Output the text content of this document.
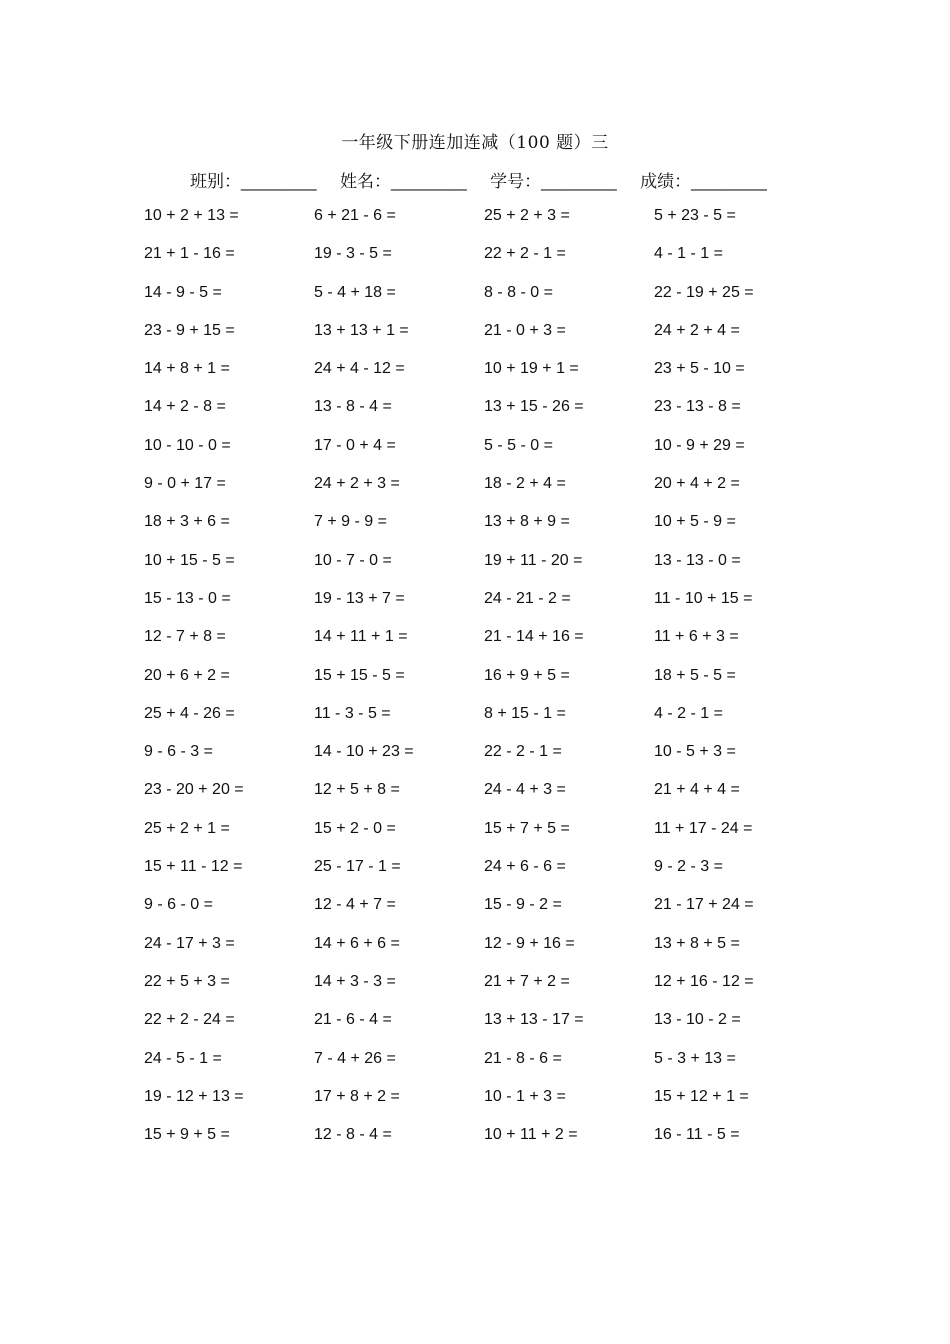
一年级下册连加连减（100 题）三
班别：________ 姓名：________ 学号：________ 成绩：________
10 + 2 + 13 =	6 + 21 - 6 =	25 + 2 + 3 =	5 + 23 - 5 =
21 + 1 - 16 =	19 - 3 - 5 =	22 + 2 - 1 =	4 - 1 - 1 =
14 - 9 - 5 =	5 - 4 + 18 =	8 - 8 - 0 =	22 - 19 + 25 =
23 - 9 + 15 =	13 + 13 + 1 =	21 - 0 + 3 =	24 + 2 + 4 =
14 + 8 + 1 =	24 + 4 - 12 =	10 + 19 + 1 =	23 + 5 - 10 =
14 + 2 - 8 =	13 - 8 - 4 =	13 + 15 - 26 =	23 - 13 - 8 =
10 - 10 - 0 =	17 - 0 + 4 =	5 - 5 - 0 =	10 - 9 + 29 =
9 - 0 + 17 =	24 + 2 + 3 =	18 - 2 + 4 =	20 + 4 + 2 =
18 + 3 + 6 =	7 + 9 - 9 =	13 + 8 + 9 =	10 + 5 - 9 =
10 + 15 - 5 =	10 - 7 - 0 =	19 + 11 - 20 =	13 - 13 - 0 =
15 - 13 - 0 =	19 - 13 + 7 =	24 - 21 - 2 =	11 - 10 + 15 =
12 - 7 + 8 =	14 + 11 + 1 =	21 - 14 + 16 =	11 + 6 + 3 =
20 + 6 + 2 =	15 + 15 - 5 =	16 + 9 + 5 =	18 + 5 - 5 =
25 + 4 - 26 =	11 - 3 - 5 =	8 + 15 - 1 =	4 - 2 - 1 =
9 - 6 - 3 =	14 - 10 + 23 =	22 - 2 - 1 =	10 - 5 + 3 =
23 - 20 + 20 =	12 + 5 + 8 =	24 - 4 + 3 =	21 + 4 + 4 =
25 + 2 + 1 =	15 + 2 - 0 =	15 + 7 + 5 =	11 + 17 - 24 =
15 + 11 - 12 =	25 - 17 - 1 =	24 + 6 - 6 =	9 - 2 - 3 =
9 - 6 - 0 =	12 - 4 + 7 =	15 - 9 - 2 =	21 - 17 + 24 =
24 - 17 + 3 =	14 + 6 + 6 =	12 - 9 + 16 =	13 + 8 + 5 =
22 + 5 + 3 =	14 + 3 - 3 =	21 + 7 + 2 =	12 + 16 - 12 =
22 + 2 - 24 =	21 - 6 - 4 =	13 + 13 - 17 =	13 - 10 - 2 =
24 - 5 - 1 =	7 - 4 + 26 =	21 - 8 - 6 =	5 - 3 + 13 =
19 - 12 + 13 =	17 + 8 + 2 =	10 - 1 + 3 =	15 + 12 + 1 =
15 + 9 + 5 =	12 - 8 - 4 =	10 + 11 + 2 =	16 - 11 - 5 =
